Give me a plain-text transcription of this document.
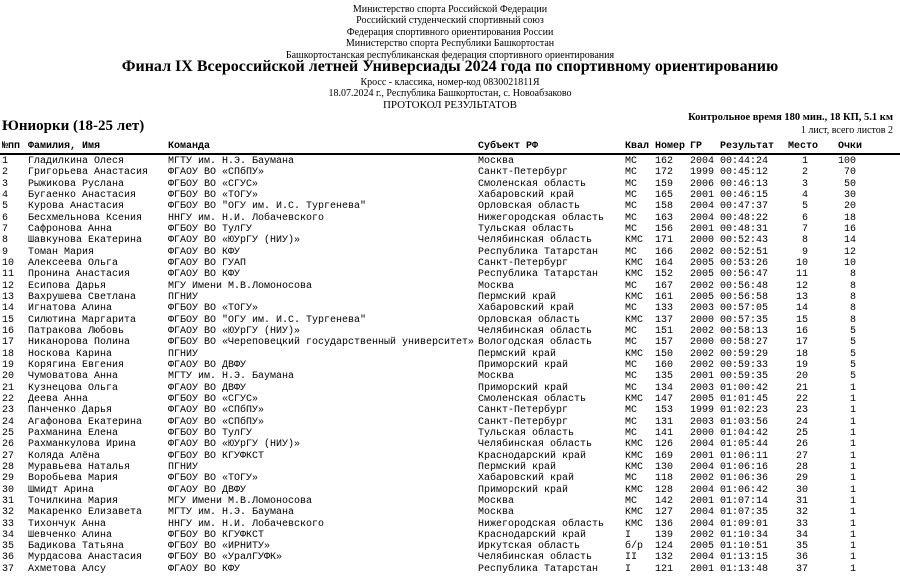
Министерство спорта Российской Федерации
Российский студенческий спортивный союз
Федерация спортивного ориентирования России
Министерство спорта Республики Башкортостан
Башкортостанская республиканская федерация спортивного ориентирования
Финал IX Всероссийской летней Универсиады 2024 года по спортивному ориентированию
Кросс - классика, номер-код 0830021811Я
18.07.2024 г., Республика Башкортостан, с. Новоабзаково
ПРОТОКОЛ РЕЗУЛЬТАТОВ
Контрольное время 180 мин., 18 КП, 5.1 км
1 лист, всего листов 2
Юниорки (18-25 лет)
№пп Фамилия, Имя	Команда	Субъект РФ	Квал Номер ГР	Результат	Место	Очки
1	Гладилкина Олеся	МГТУ им. Н.Э. Баумана	Москва	МС	162	2004 00:44:24	1	100
2	Григорьева Анастасия	ФГАОУ ВО «СПбПУ»	Санкт-Петербург	МС	172	1999 00:45:12	2	70
3	Рыжикова Руслана	ФГБОУ ВО «СГУС»	Смоленская область	МС	159	2006 00:46:13	3	50
4	Бугаенко Анастасия	ФГБОУ ВО «ТОГУ»	Хабаровский край	МС	165	2001 00:46:15	4	30
5	Курова Анастасия	ФГБОУ ВО "ОГУ им. И.С. Тургенева"	Орловская область	МС	158	2004 00:47:37	5	20
6	Бесхмельнова Ксения	ННГУ им. Н.И. Лобачевского	Нижегородская область	МС	163	2004 00:48:22	6	18
7	Сафронова Анна	ФГБОУ ВО ТулГУ	Тульская область	МС	156	2001 00:48:31	7	16
8	Шавкунова Екатерина	ФГАОУ ВО «ЮУрГУ (НИУ)»	Челябинская область	КМС	171	2000 00:52:43	8	14
9	Томан Мария	ФГАОУ ВО КФУ	Республика Татарстан	МС	166	2002 00:52:51	9	12
10	Алексеева Ольга	ФГАОУ ВО ГУАП	Санкт-Петербург	КМС	164	2005 00:53:26	10	10
11	Пронина Анастасия	ФГАОУ ВО КФУ	Республика Татарстан	КМС	152	2005 00:56:47	11	8
12	Есипова Дарья	МГУ Имени М.В.Ломоносова	Москва	МС	167	2002 00:56:48	12	8
13	Вахрушева Светлана	ПГНИУ	Пермский край	КМС	161	2005 00:56:58	13	8
14	Игнатова Алина	ФГБОУ ВО «ТОГУ»	Хабаровский край	МС	133	2003 00:57:05	14	8
15	Силютина Маргарита	ФГБОУ ВО "ОГУ им. И.С. Тургенева"	Орловская область	КМС	137	2000 00:57:35	15	8
16	Патракова Любовь	ФГАОУ ВО «ЮУрГУ (НИУ)»	Челябинская область	МС	151	2002 00:58:13	16	5
17	Никанорова Полина	ФГБОУ ВО «Череповецкий государственный университет» Вологодская область	МС	157	2000 00:58:27	17	5
18	Носкова Карина	ПГНИУ	Пермский край	КМС	150	2002 00:59:29	18	5
19	Корягина Евгения	ФГАОУ ВО ДВФУ	Приморский край	МС	160	2002 00:59:33	19	5
20	Чумоватова Анна	МГТУ им. Н.Э. Баумана	Москва	МС	135	2001 00:59:35	20	5
21	Кузнецова Ольга	ФГАОУ ВО ДВФУ	Приморский край	МС	134	2003 01:00:42	21	1
22	Деева Анна	ФГБОУ ВО «СГУС»	Смоленская область	КМС	147	2005 01:01:45	22	1
23	Панченко Дарья	ФГАОУ ВО «СПбПУ»	Санкт-Петербург	МС	153	1999 01:02:23	23	1
24	Агафонова Екатерина	ФГАОУ ВО «СПбПУ»	Санкт-Петербург	МС	131	2003 01:03:56	24	1
25	Рахманина Елена	ФГБОУ ВО ТулГУ	Тульская область	МС	141	2000 01:04:42	25	1
26	Рахманкулова Ирина	ФГАОУ ВО «ЮУрГУ (НИУ)»	Челябинская область	КМС	126	2004 01:05:44	26	1
27	Коляда Алёна	ФГБОУ ВО КГУФКСТ	Краснодарский край	КМС	169	2001 01:06:11	27	1
28	Муравьева Наталья	ПГНИУ	Пермский край	КМС	130	2004 01:06:16	28	1
29	Воробьева Мария	ФГБОУ ВО «ТОГУ»	Хабаровский край	МС	118	2002 01:06:36	29	1
30	Шмидт Арина	ФГАОУ ВО ДВФУ	Приморский край	КМС	128	2004 01:06:42	30	1
31	Точилкина Мария	МГУ Имени М.В.Ломоносова	Москва	МС	142	2001 01:07:14	31	1
32	Макаренко Елизавета	МГТУ им. Н.Э. Баумана	Москва	КМС	127	2004 01:07:35	32	1
33	Тихончук Анна	ННГУ им. Н.И. Лобачевского	Нижегородская область	КМС	136	2004 01:09:01	33	1
34	Шевченко Алина	ФГБОУ ВО КГУФКСТ	Краснодарский край	I	139	2002 01:10:34	34	1
35	Бадикова Татьяна	ФГБОУ ВО «ИРНИТУ»	Иркутская область	б/р	124	2005 01:10:51	35	1
36	Мурдасова Анастасия	ФГБОУ ВО «УралГУФК»	Челябинская область	II	132	2004 01:13:15	36	1
37	Ахметова Алсу	ФГАОУ ВО КФУ	Республика Татарстан	I	121	2001 01:13:48	37	1
